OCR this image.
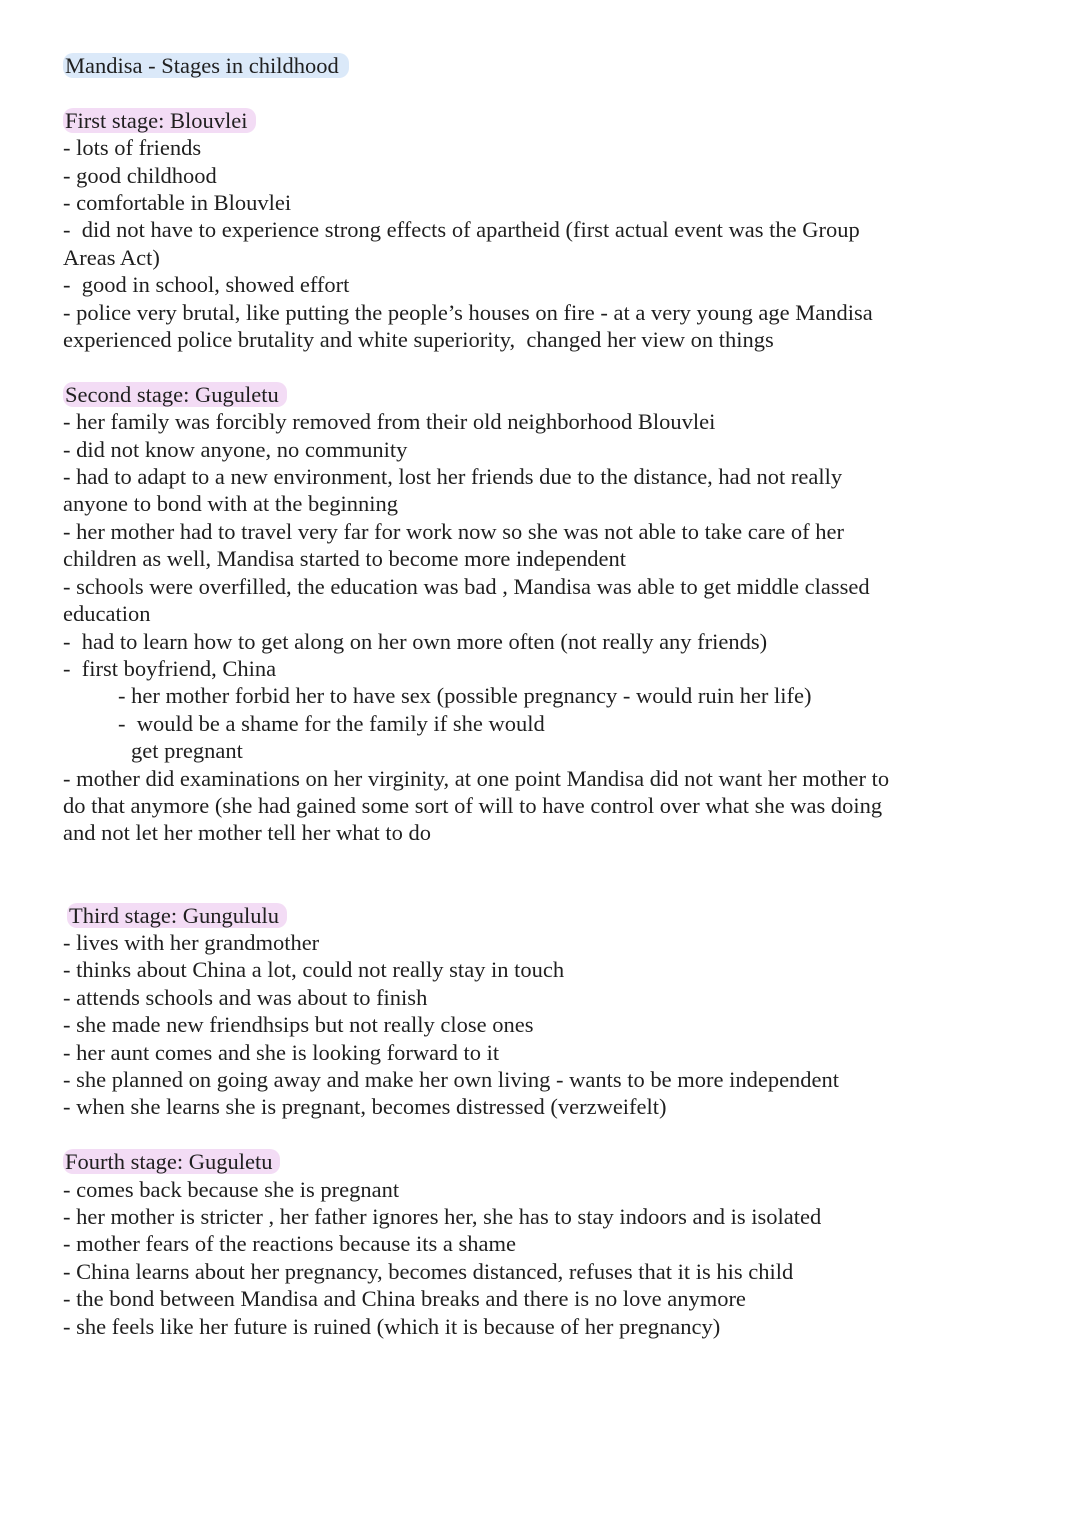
Mandisa - Stages in childhood
First stage: Blouvlei
- lots of friends
- good childhood
- comfortable in Blouvlei
-  did not have to experience strong effects of apartheid (first actual event was the Group
Areas Act)
-  good in school, showed effort
- police very brutal, like putting the people’s houses on fire - at a very young age Mandisa
experienced police brutality and white superiority,  changed her view on things
Second stage: Guguletu
- her family was forcibly removed from their old neighborhood Blouvlei
- did not know anyone, no community
- had to adapt to a new environment, lost her friends due to the distance, had not really
anyone to bond with at the beginning
- her mother had to travel very far for work now so she was not able to take care of her
children as well, Mandisa started to become more independent
- schools were overfilled, the education was bad , Mandisa was able to get middle classed
education
-  had to learn how to get along on her own more often (not really any friends)
-  first boyfriend, China
- her mother forbid her to have sex (possible pregnancy - would ruin her life)
-  would be a shame for the family if she would
get pregnant
- mother did examinations on her virginity, at one point Mandisa did not want her mother to
do that anymore (she had gained some sort of will to have control over what she was doing
and not let her mother tell her what to do
Third stage: Gungululu
- lives with her grandmother
- thinks about China a lot, could not really stay in touch
- attends schools and was about to finish
- she made new friendhsips but not really close ones
- her aunt comes and she is looking forward to it
- she planned on going away and make her own living - wants to be more independent
- when she learns she is pregnant, becomes distressed (verzweifelt)
Fourth stage: Guguletu
- comes back because she is pregnant
- her mother is stricter , her father ignores her, she has to stay indoors and is isolated
- mother fears of the reactions because its a shame
- China learns about her pregnancy, becomes distanced, refuses that it is his child
- the bond between Mandisa and China breaks and there is no love anymore
- she feels like her future is ruined (which it is because of her pregnancy)
